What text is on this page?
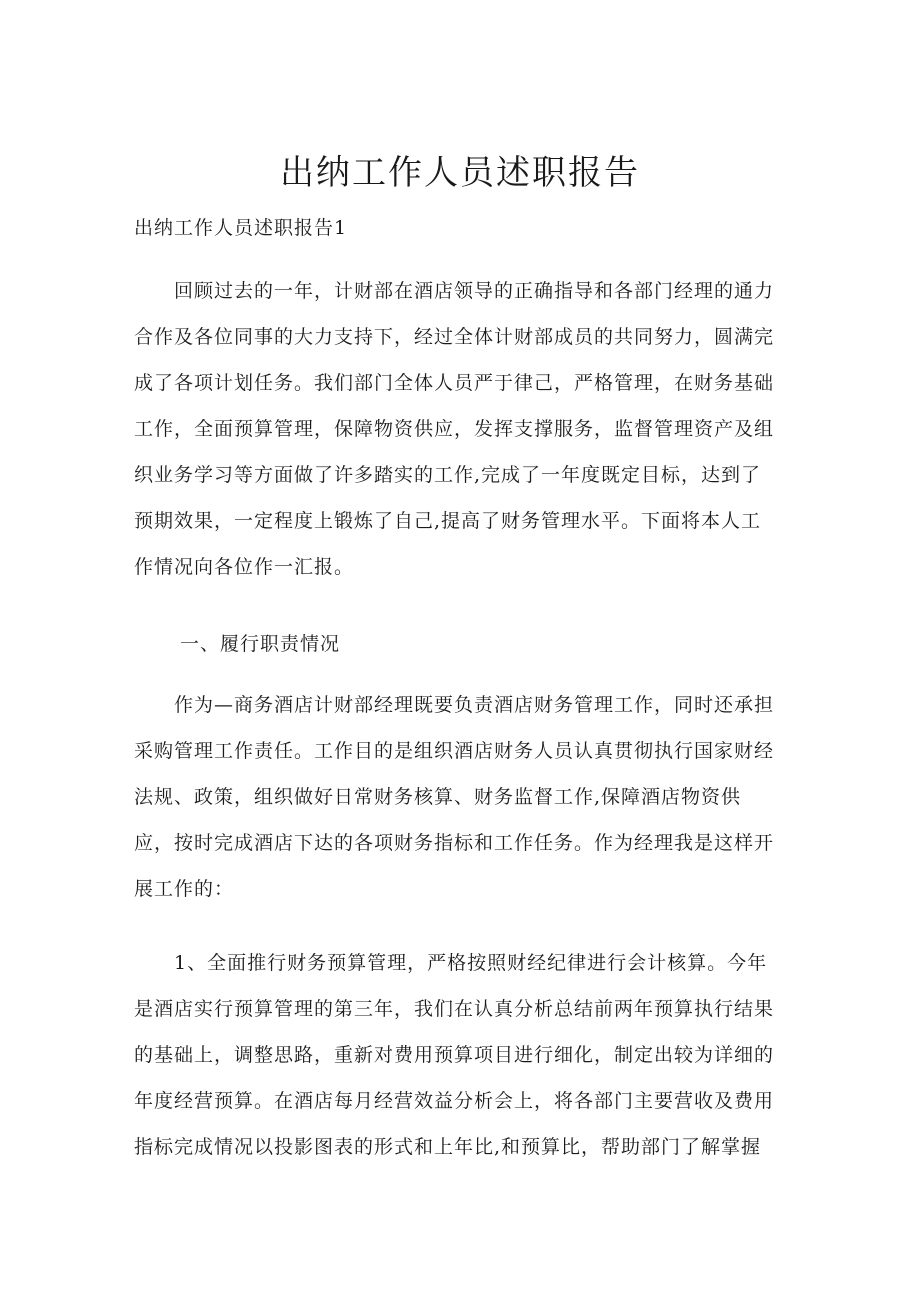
出纳工作人员述职报告

出纳工作人员述职报告1

　　回顾过去的一年，计财部在酒店领导的正确指导和各部门经理的通力
合作及各位同事的大力支持下，经过全体计财部成员的共同努力，圆满完
成了各项计划任务。我们部门全体人员严于律己，严格管理，在财务基础
工作，全面预算管理，保障物资供应，发挥支撑服务，监督管理资产及组
织业务学习等方面做了许多踏实的工作,完成了一年度既定目标，达到了
预期效果，一定程度上锻炼了自己,提高了财务管理水平。下面将本人工
作情况向各位作一汇报。

一、履行职责情况

　　作为—商务酒店计财部经理既要负责酒店财务管理工作，同时还承担
采购管理工作责任。工作目的是组织酒店财务人员认真贯彻执行国家财经
法规、政策，组织做好日常财务核算、财务监督工作,保障酒店物资供
应，按时完成酒店下达的各项财务指标和工作任务。作为经理我是这样开
展工作的：
　　1、全面推行财务预算管理，严格按照财经纪律进行会计核算。今年
是酒店实行预算管理的第三年，我们在认真分析总结前两年预算执行结果
的基础上，调整思路，重新对费用预算项目进行细化，制定出较为详细的
年度经营预算。在酒店每月经营效益分析会上，将各部门主要营收及费用
指标完成情况以投影图表的形式和上年比,和预算比，帮助部门了解掌握
